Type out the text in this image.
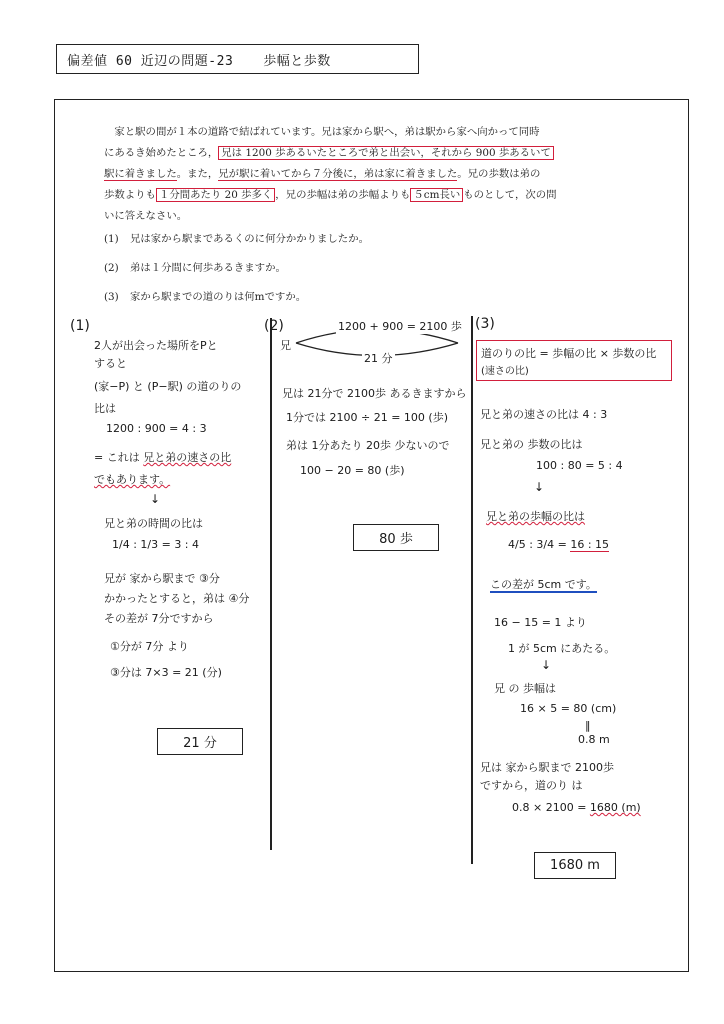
偏差値 60 近辺の問題-23 歩幅と歩数

 家と駅の間が１本の道路で結ばれています。兄は家から駅へ，弟は駅から家へ向かって同時

にあるき始めたところ， 兄は 1200 歩あるいたところで弟と出会い，それから 900 歩あるいて

駅に着きました。また，兄が駅に着いてから７分後に，弟は家に着きました。兄の歩数は弟の

歩数よりも １分間あたり 20 歩多く ，兄の歩幅は弟の歩幅よりも ５cm長い ものとして，次の問

いに答えなさい。

(1) 兄は家から駅まであるくのに何分かかりましたか。
(2) 弟は１分間に何歩あるきますか。
(3) 家から駅までの道のりは何mですか。
(1)
2人が出会った場所をPと
すると
(家−P) と (P−駅) の道のりの
比は
1200 : 900 = 4 : 3
= これは 兄と弟の速さの比
でもあります。
↓
兄と弟の時間の比は
1/4 : 1/3 = 3 : 4
兄が 家から駅まで ③分
かかったとすると，弟は ④分
その差が 7分ですから
①分が 7分 より
③分は 7×3 = 21 (分)
21 分
(2)	1200 + 900 = 2100 歩
兄
21 分
兄は 21分で 2100歩 あるきますから
1分では 2100 ÷ 21 = 100 (歩)
弟は 1分あたり 20歩 少ないので
100 − 20 = 80 (歩)
80 歩
(3)
道のりの比 = 歩幅の比 × 歩数の比
(速さの比)
兄と弟の速さの比は 4 : 3
兄と弟の 歩数の比は
100 : 80 = 5 : 4
↓
兄と弟の歩幅の比は
4/5 : 3/4 = 16 : 15
この差が 5cm です。
16 − 15 = 1 より
1 が 5cm にあたる。
↓
兄 の 歩幅は
16 × 5 = 80 (cm)
‖
0.8 m
兄は 家から駅まで 2100歩
ですから，道のり は
0.8 × 2100 = 1680 (m)
1680 m
